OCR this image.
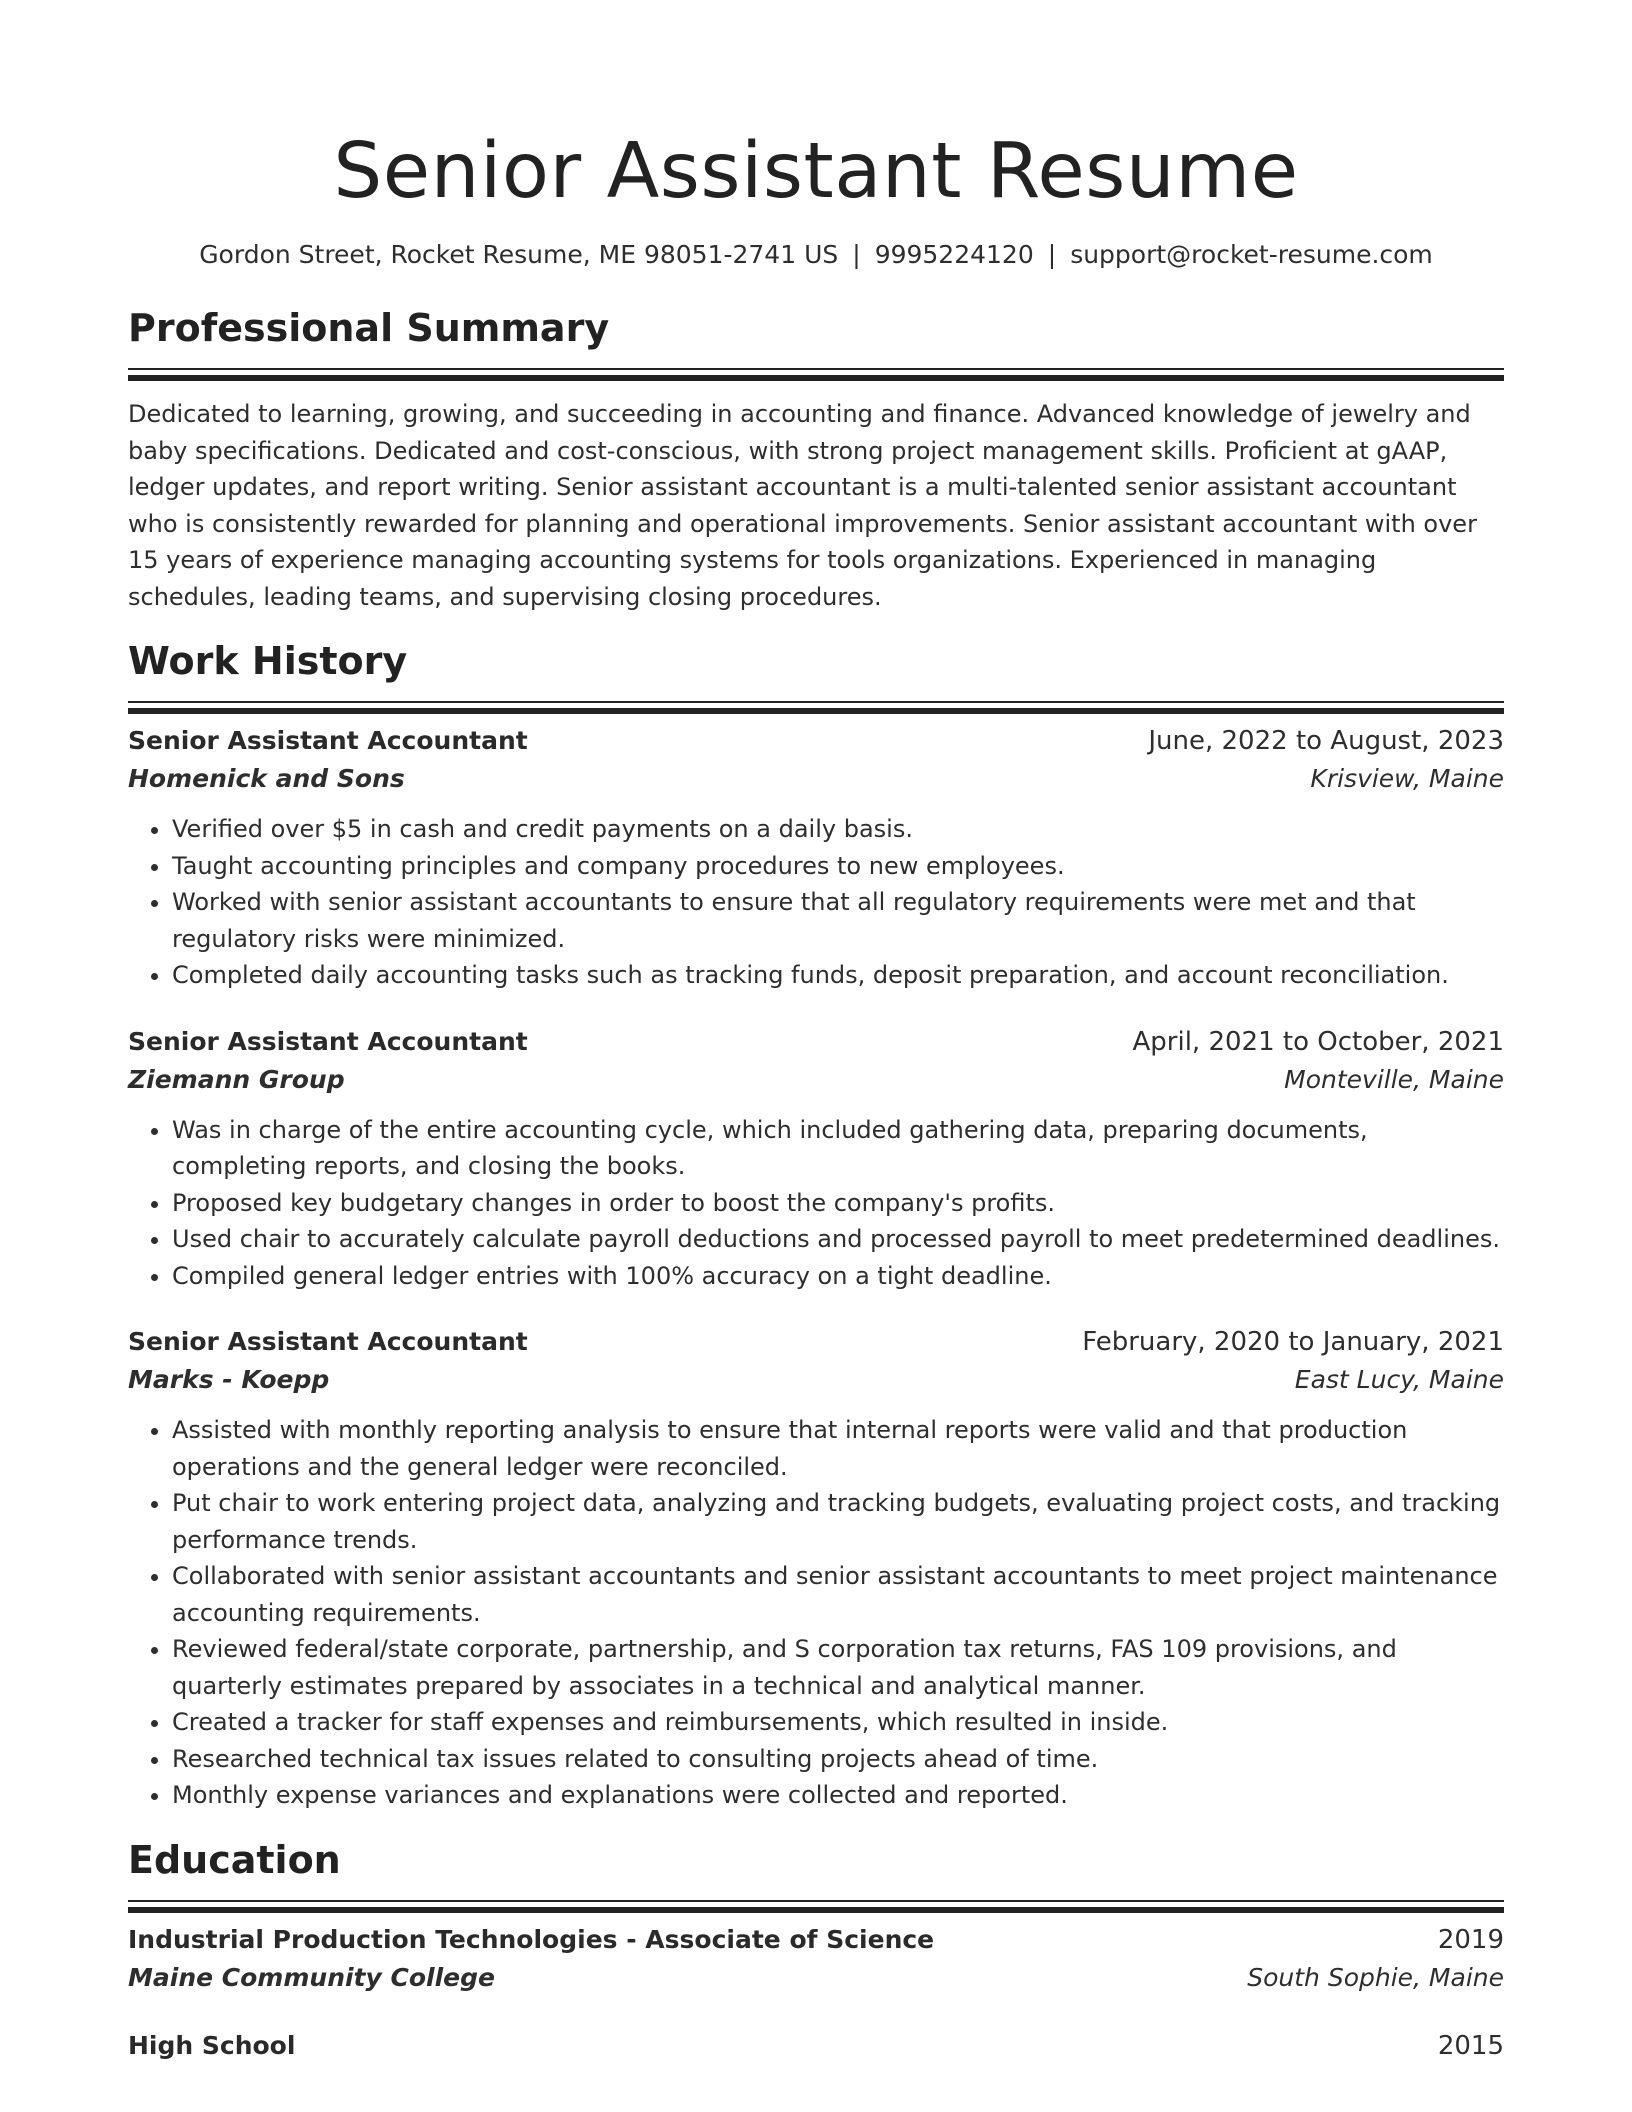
Senior Assistant Resume
Gordon Street, Rocket Resume, ME 98051-2741 US | 9995224120 | support@rocket-resume.com
Professional Summary

Dedicated to learning, growing, and succeeding in accounting and finance. Advanced knowledge of jewelry and baby specifications. Dedicated and cost-conscious, with strong project management skills. Proficient at gAAP, ledger updates, and report writing. Senior assistant accountant is a multi-talented senior assistant accountant who is consistently rewarded for planning and operational improvements. Senior assistant accountant with over 15 years of experience managing accounting systems for tools organizations. Experienced in managing schedules, leading teams, and supervising closing procedures.

Work History
Senior Assistant Accountant	June, 2022 to August, 2023
Homenick and Sons	Krisview, Maine
• Verified over $5 in cash and credit payments on a daily basis.
• Taught accounting principles and company procedures to new employees.
• Worked with senior assistant accountants to ensure that all regulatory requirements were met and that regulatory risks were minimized.
• Completed daily accounting tasks such as tracking funds, deposit preparation, and account reconciliation.
Senior Assistant Accountant	April, 2021 to October, 2021
Ziemann Group	Monteville, Maine
• Was in charge of the entire accounting cycle, which included gathering data, preparing documents, completing reports, and closing the books.
• Proposed key budgetary changes in order to boost the company's profits.
• Used chair to accurately calculate payroll deductions and processed payroll to meet predetermined deadlines.
• Compiled general ledger entries with 100% accuracy on a tight deadline.
Senior Assistant Accountant	February, 2020 to January, 2021
Marks - Koepp	East Lucy, Maine
• Assisted with monthly reporting analysis to ensure that internal reports were valid and that production operations and the general ledger were reconciled.
• Put chair to work entering project data, analyzing and tracking budgets, evaluating project costs, and tracking performance trends.
• Collaborated with senior assistant accountants and senior assistant accountants to meet project maintenance accounting requirements.
• Reviewed federal/state corporate, partnership, and S corporation tax returns, FAS 109 provisions, and quarterly estimates prepared by associates in a technical and analytical manner.
• Created a tracker for staff expenses and reimbursements, which resulted in inside.
• Researched technical tax issues related to consulting projects ahead of time.
• Monthly expense variances and explanations were collected and reported.
Education
Industrial Production Technologies - Associate of Science	2019
Maine Community College	South Sophie, Maine
High School	2015
